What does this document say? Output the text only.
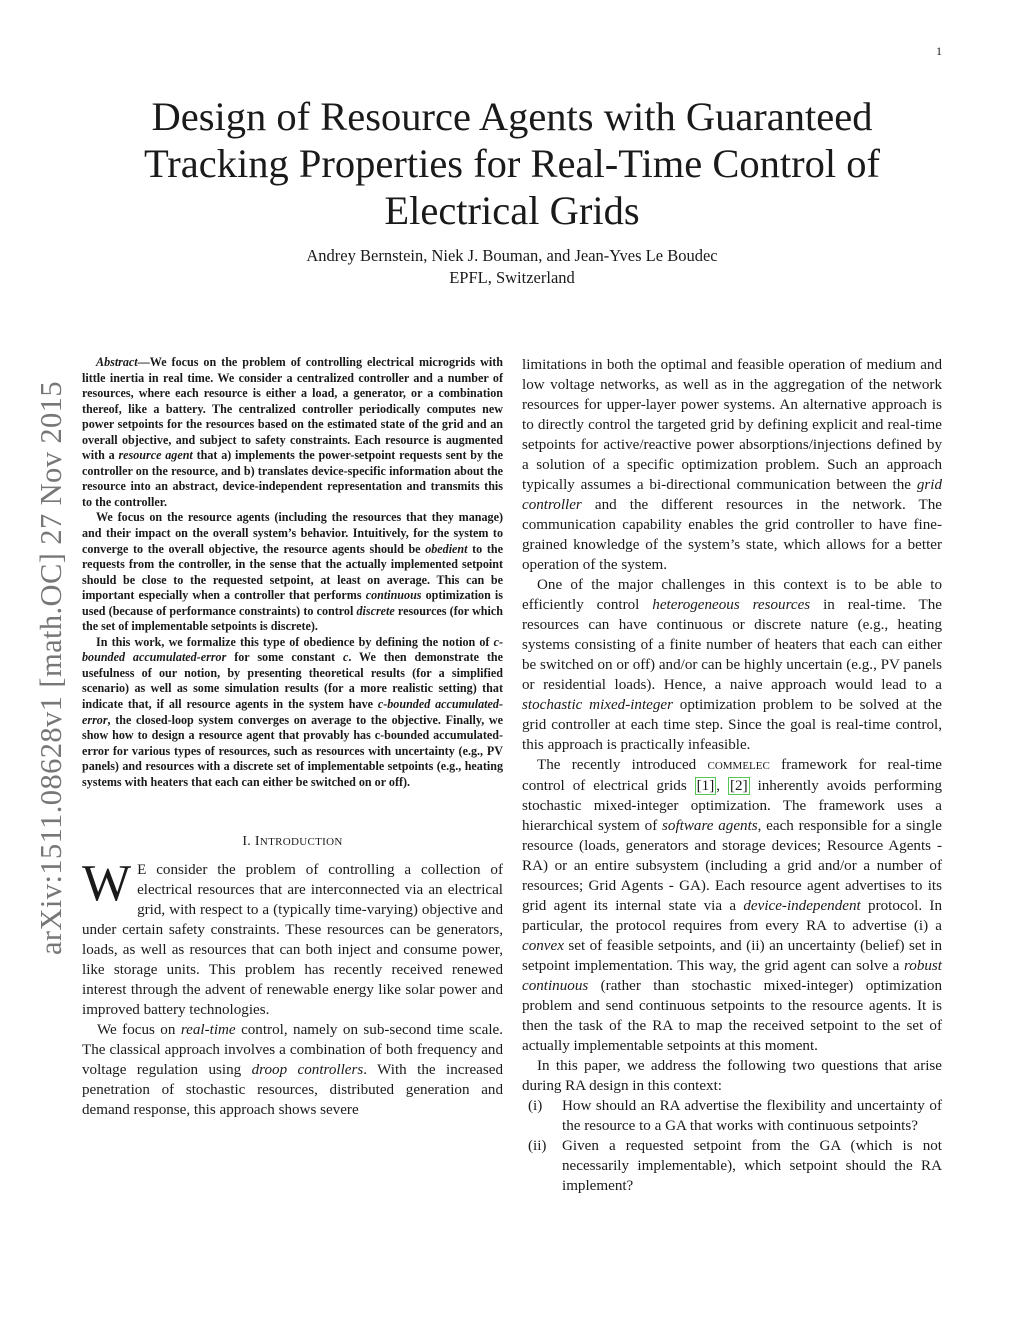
1
arXiv:1511.08628v1 [math.OC] 27 Nov 2015
Design of Resource Agents with Guaranteed Tracking Properties for Real-Time Control of Electrical Grids
Andrey Bernstein, Niek J. Bouman, and Jean-Yves Le Boudec
EPFL, Switzerland

Abstract—We focus on the problem of controlling electrical microgrids with little inertia in real time. We consider a centralized controller and a number of resources, where each resource is either a load, a generator, or a combination thereof, like a battery. The centralized controller periodically computes new power setpoints for the resources based on the estimated state of the grid and an overall objective, and subject to safety constraints. Each resource is augmented with a resource agent that a) implements the power-setpoint requests sent by the controller on the resource, and b) translates device-specific information about the resource into an abstract, device-independent representation and transmits this to the controller.

We focus on the resource agents (including the resources that they manage) and their impact on the overall system’s behavior. Intuitively, for the system to converge to the overall objective, the resource agents should be obedient to the requests from the controller, in the sense that the actually implemented setpoint should be close to the requested setpoint, at least on average. This can be important especially when a controller that performs continuous optimization is used (because of performance constraints) to control discrete resources (for which the set of implementable setpoints is discrete).

In this work, we formalize this type of obedience by defining the notion of c-bounded accumulated-error for some constant c. We then demonstrate the usefulness of our notion, by presenting theoretical results (for a simplified scenario) as well as some simulation results (for a more realistic setting) that indicate that, if all resource agents in the system have c-bounded accumulated-error, the closed-loop system converges on average to the objective. Finally, we show how to design a resource agent that provably has c-bounded accumulated-error for various types of resources, such as resources with uncertainty (e.g., PV panels) and resources with a discrete set of implementable setpoints (e.g., heating systems with heaters that each can either be switched on or off).

I. INTRODUCTION

W E consider the problem of controlling a collection of electrical resources that are interconnected via an electrical grid, with respect to a (typically time-varying) objective and under certain safety constraints. These resources can be generators, loads, as well as resources that can both inject and consume power, like storage units. This problem has recently received renewed interest through the advent of renewable energy like solar power and improved battery technologies.

We focus on real-time control, namely on sub-second time scale. The classical approach involves a combination of both frequency and voltage regulation using droop controllers. With the increased penetration of stochastic resources, distributed generation and demand response, this approach shows severe

limitations in both the optimal and feasible operation of medium and low voltage networks, as well as in the aggregation of the network resources for upper-layer power systems. An alternative approach is to directly control the targeted grid by defining explicit and real-time setpoints for active/reactive power absorptions/injections defined by a solution of a specific optimization problem. Such an approach typically assumes a bi-directional communication between the grid controller and the different resources in the network. The communication capability enables the grid controller to have fine-grained knowledge of the system’s state, which allows for a better operation of the system.

One of the major challenges in this context is to be able to efficiently control heterogeneous resources in real-time. The resources can have continuous or discrete nature (e.g., heating systems consisting of a finite number of heaters that each can either be switched on or off) and/or can be highly uncertain (e.g., PV panels or residential loads). Hence, a naive approach would lead to a stochastic mixed-integer optimization problem to be solved at the grid controller at each time step. Since the goal is real-time control, this approach is practically infeasible.

The recently introduced COMMELEC framework for real-time control of electrical grids [1] , [2] inherently avoids performing stochastic mixed-integer optimization. The framework uses a hierarchical system of software agents, each responsible for a single resource (loads, generators and storage devices; Resource Agents - RA) or an entire subsystem (including a grid and/or a number of resources; Grid Agents - GA). Each resource agent advertises to its grid agent its internal state via a device-independent protocol. In particular, the protocol requires from every RA to advertise (i) a convex set of feasible setpoints, and (ii) an uncertainty (belief) set in setpoint implementation. This way, the grid agent can solve a robust continuous (rather than stochastic mixed-integer) optimization problem and send continuous setpoints to the resource agents. It is then the task of the RA to map the received setpoint to the set of actually implementable setpoints at this moment.

In this paper, we address the following two questions that arise during RA design in this context:

(i) How should an RA advertise the flexibility and uncertainty of the resource to a GA that works with continuous setpoints?
(ii) Given a requested setpoint from the GA (which is not necessarily implementable), which setpoint should the RA implement?
